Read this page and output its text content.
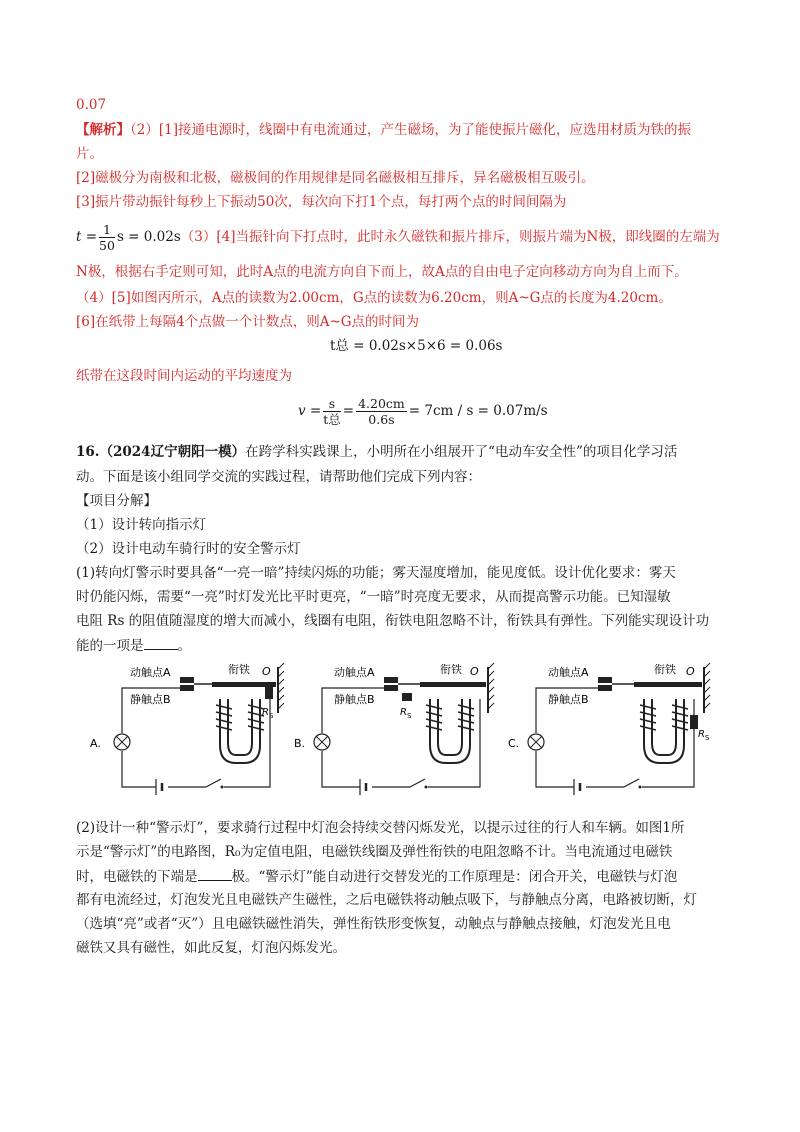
0.07
【解析】（2）[1]接通电源时，线圈中有电流通过，产生磁场，为了能使振片磁化，应选用材质为铁的振
片。
[2]磁极分为南极和北极，磁极间的作用规律是同名磁极相互排斥，异名磁极相互吸引。
[3]振片带动振针每秒上下振动50次，每次向下打1个点，每打两个点的时间间隔为
$t = \frac{1}{50}$ s = 0.02s（3）[4]当振针向下打点时，此时永久磁铁和振片排斥，则振片端为N极，即线圈的左端为
N极，根据右手定则可知，此时A点的电流方向自下而上，故A点的自由电子定向移动方向为自上而下。
（4）[5]如图丙所示，A点的读数为2.00cm，G点的读数为6.20cm，则A~G点的长度为4.20cm。
[6]在纸带上每隔4个点做一个计数点，则A~G点的时间为
t总 = 0.02s×5×6 = 0.06s
纸带在这段时间内运动的平均速度为
$v = \frac{s}{\text{t总}} = \frac{4.20cm}{0.6s} = 7cm / s = 0.07m/s$
16.（2024辽宁朝阳一模）在跨学科实践课上，小明所在小组展开了“电动车安全性”的项目化学习活
动。下面是该小组同学交流的实践过程，请帮助他们完成下列内容：
【项目分解】
（1）设计转向指示灯
（2）设计电动车骑行时的安全警示灯
(1)转向灯警示时要具备“一亮一暗”持续闪烁的功能；雾天湿度增加，能见度低。设计优化要求：雾天
时仍能闪烁，需要“一亮”时灯发光比平时更亮，“一暗”时亮度无要求，从而提高警示功能。已知湿敏
电阻 Rs 的阻值随湿度的增大而减小，线圈有电阻，衔铁电阻忽略不计，衔铁具有弹性。下列能实现设计功
能的一项是	。
动触点A
静触点B
衔铁 O
R S
A.
动触点A
静触点B
衔铁 O
R S
B.
动触点A
静触点B
衔铁 O
R S
C.
(2)设计一种“警示灯”，要求骑行过程中灯泡会持续交替闪烁发光，以提示过往的行人和车辆。如图1所
示是“警示灯”的电路图，R₀为定值电阻，电磁铁线圈及弹性衔铁的电阻忽略不计。当电流通过电磁铁
时，电磁铁的下端是	极。“警示灯”能自动进行交替发光的工作原理是：闭合开关，电磁铁与灯泡
都有电流经过，灯泡发光且电磁铁产生磁性，之后电磁铁将动触点吸下，与静触点分离，电路被切断，灯
（选填“亮”或者“灭”）且电磁铁磁性消失，弹性衔铁形变恢复，动触点与静触点接触，灯泡发光且电
磁铁又具有磁性，如此反复，灯泡闪烁发光。
